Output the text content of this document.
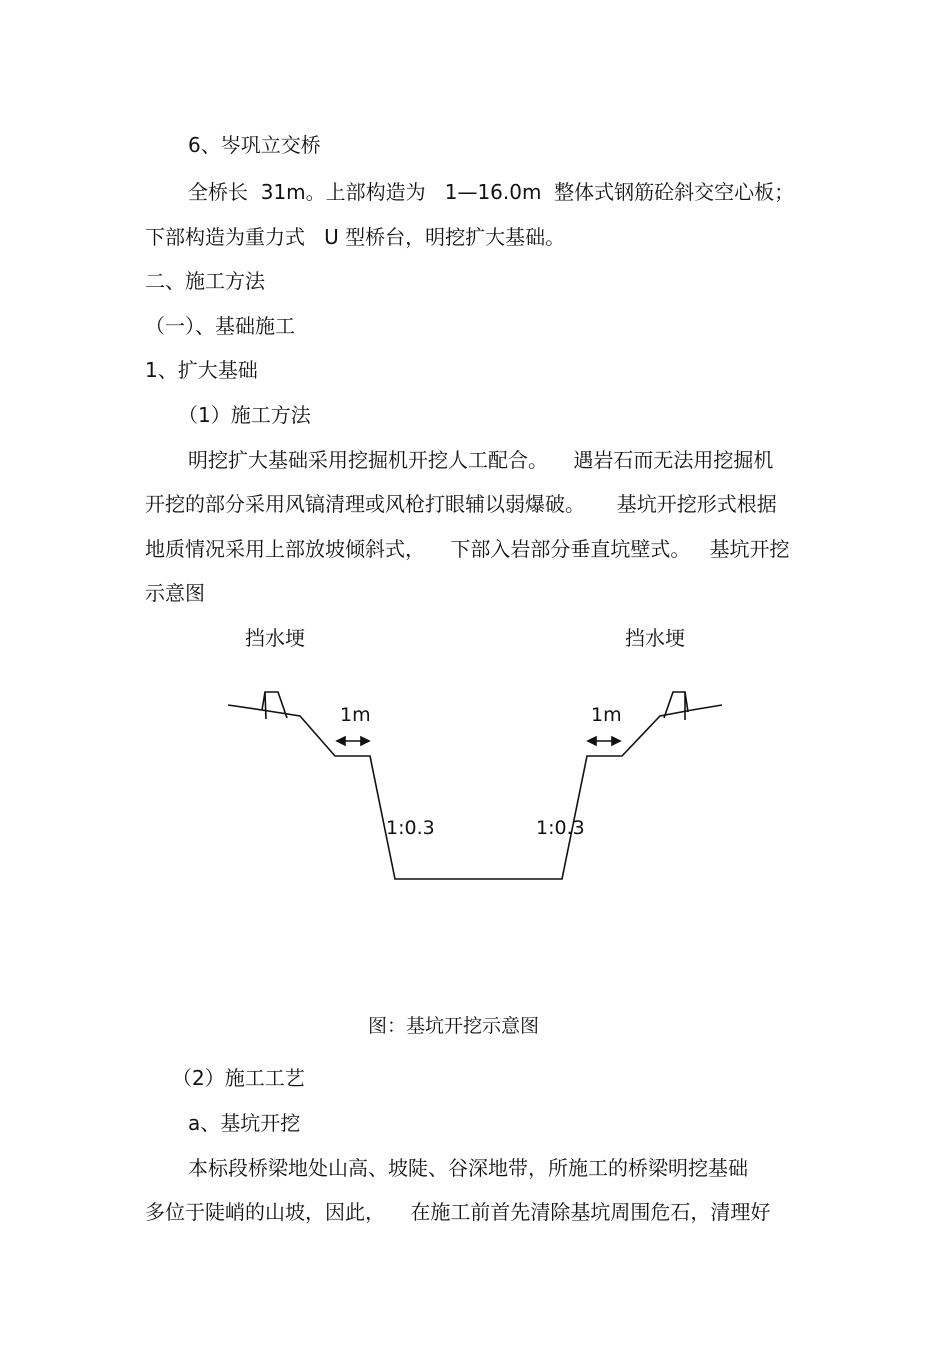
6、岑巩立交桥
全桥长  31m。上部构造为   1—16.0m  整体式钢筋砼斜交空心板；
下部构造为重力式   U 型桥台，明挖扩大基础。
二、施工方法
（一）、基础施工
1、扩大基础
（1）施工方法
明挖扩大基础采用挖掘机开挖人工配合。    遇岩石而无法用挖掘机
开挖的部分采用风镐清理或风枪打眼辅以弱爆破。     基坑开挖形式根据
地质情况采用上部放坡倾斜式，    下部入岩部分垂直坑壁式。   基坑开挖
示意图
挡水埂	挡水埂
1m	1m
1:0.3	1:0.3
图：基坑开挖示意图
（2）施工工艺
a、基坑开挖
本标段桥梁地处山高、坡陡、谷深地带，所施工的桥梁明挖基础
多位于陡峭的山坡，因此，    在施工前首先清除基坑周围危石，清理好
